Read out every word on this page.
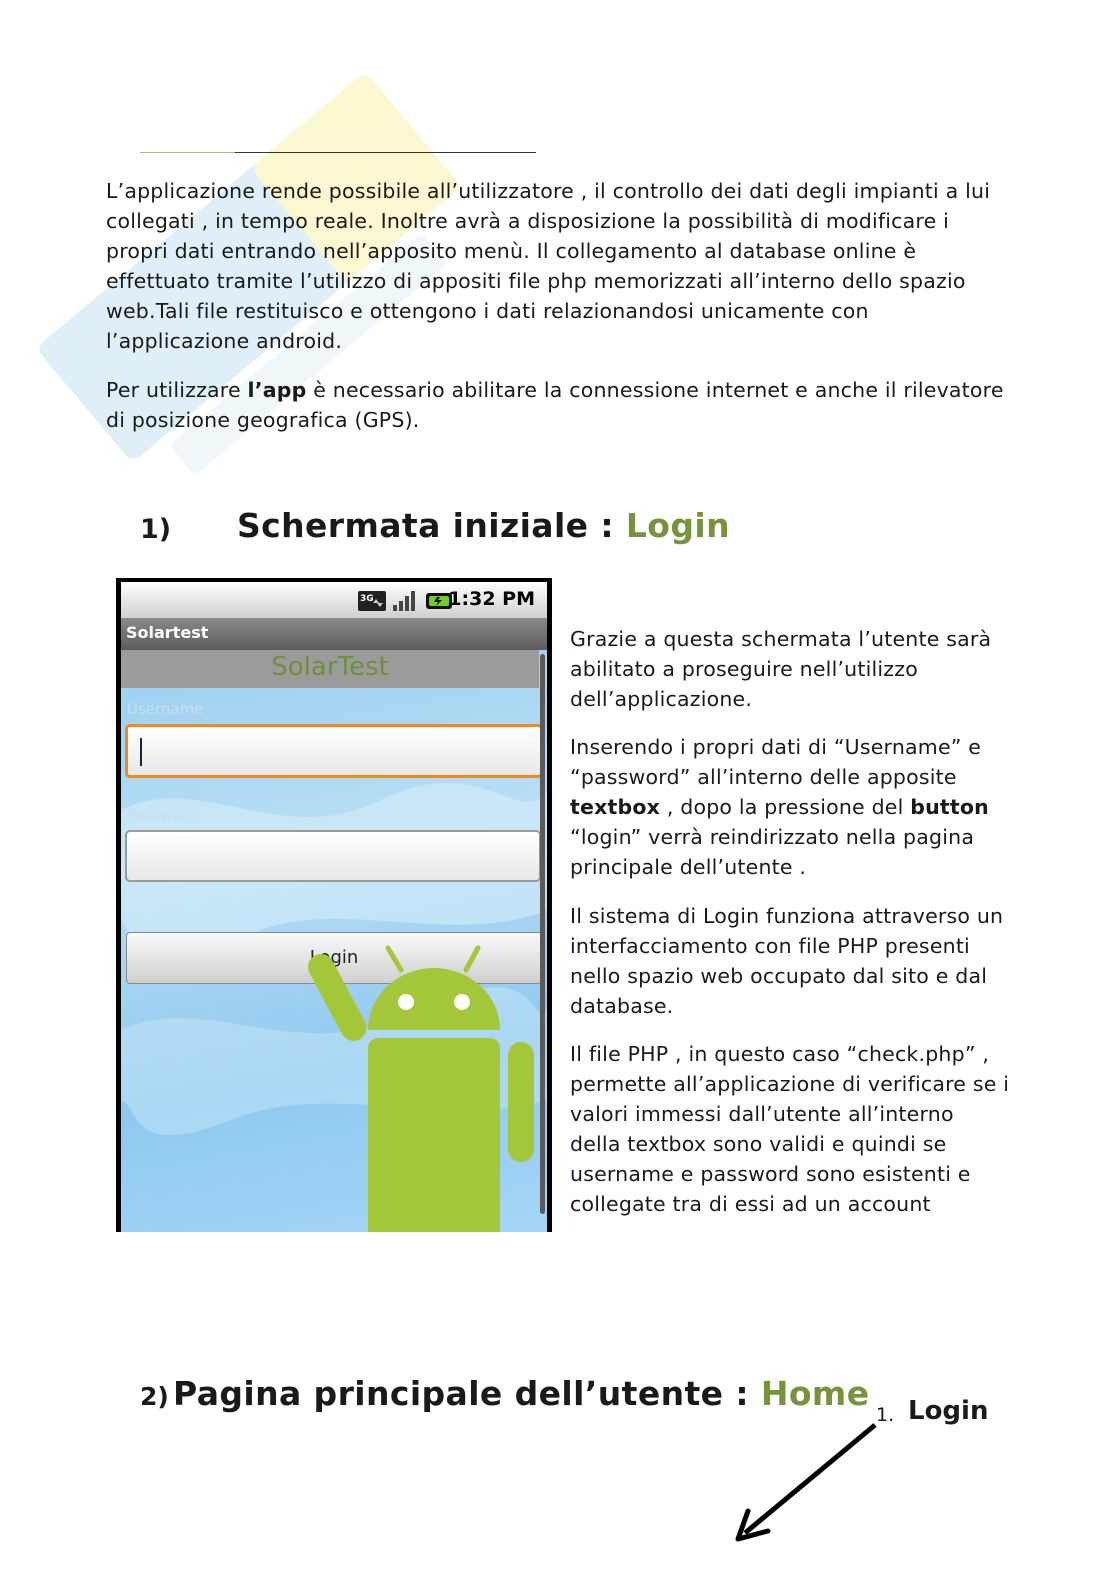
L’applicazione rende possibile all’utilizzatore , il controllo dei dati degli impianti a lui collegati , in tempo reale. Inoltre avrà a disposizione la possibilità di modificare i propri dati entrando nell’apposito menù. Il collegamento al database online è effettuato tramite l’utilizzo di appositi file php memorizzati all’interno dello spazio web.Tali file restituisco e ottengono i dati relazionandosi unicamente con l’applicazione android.
Per utilizzare l’app è necessario abilitare la connessione internet e anche il rilevatore di posizione geografica (GPS).
1) Schermata iniziale : Login
3G	1:32 PM
Solartest
SolarTest
Username
Password
Login
Grazie a questa schermata l’utente sarà abilitato a proseguire nell’utilizzo dell’applicazione.
Inserendo i propri dati di “Username” e “password” all’interno delle apposite textbox , dopo la pressione del button “login” verrà reindirizzato nella pagina principale dell’utente .
Il sistema di Login funziona attraverso un interfacciamento con file PHP presenti nello spazio web occupato dal sito e dal database.
Il file PHP , in questo caso “check.php” , permette all’applicazione di verificare se i valori immessi dall’utente all’interno della textbox sono validi e quindi se username e password sono esistenti e collegate tra di essi ad un account
2) Pagina principale dell’utente : Home
1. Login
